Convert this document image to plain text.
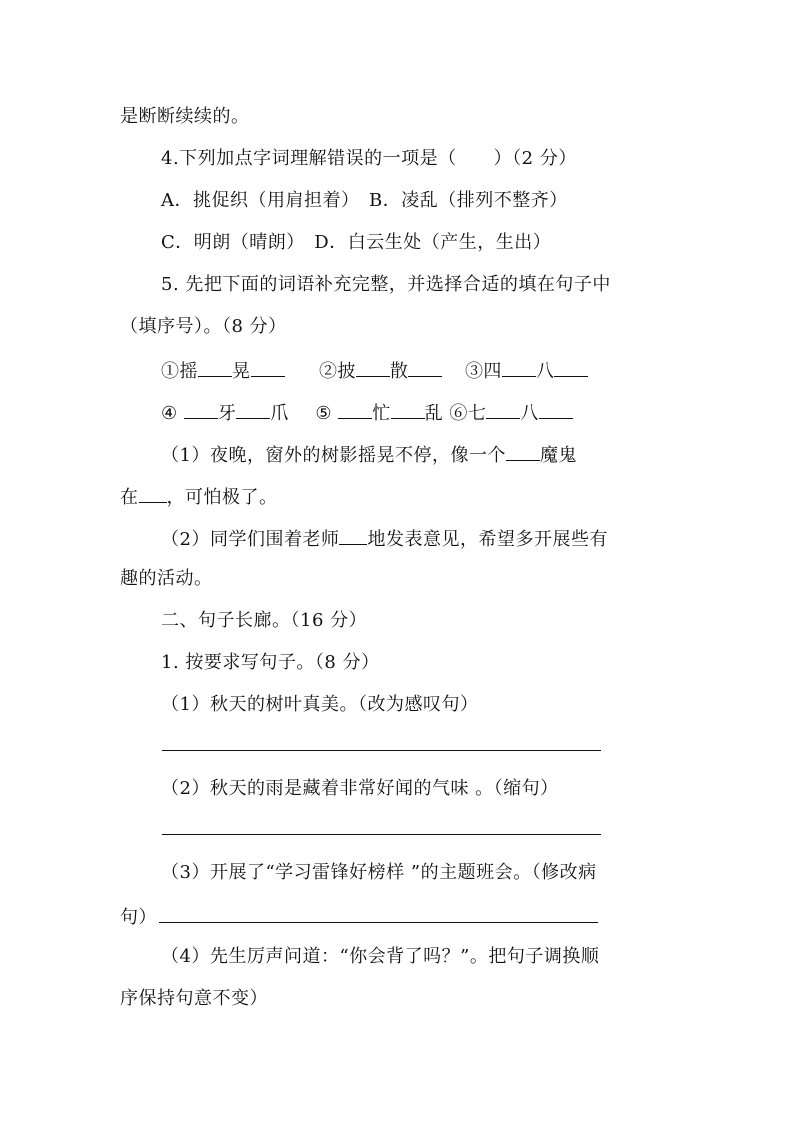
是断断续续的。
4.下列加点字词理解错误的一项是（　　）（2 分）
A．挑促织（用肩担着）　B．凌乱（排列不整齐）
C．明朗（晴朗）　D．白云生处（产生，生出）
5. 先把下面的词语补充完整，并选择合适的填在句子中
（填序号）。（8 分）
①摇 晃	②披 散	③四 八
④ 牙 爪 ⑤ 忙 乱 ⑥七 八
（1）夜晚，窗外的树影摇晃不停，像一个 魔鬼
在 ，可怕极了。
（2）同学们围着老师 地发表意见，希望多开展些有
趣的活动。
二、句子长廊。（16 分）
1. 按要求写句子。（8 分）
（1）秋天的树叶真美。（改为感叹句）
（2）秋天的雨是藏着非常好闻的气味 。（缩句）
（3）开展了“学习雷锋好榜样 ”的主题班会。（修改病
句）
（4）先生厉声问道：“你会背了吗？”。把句子调换顺
序保持句意不变）
